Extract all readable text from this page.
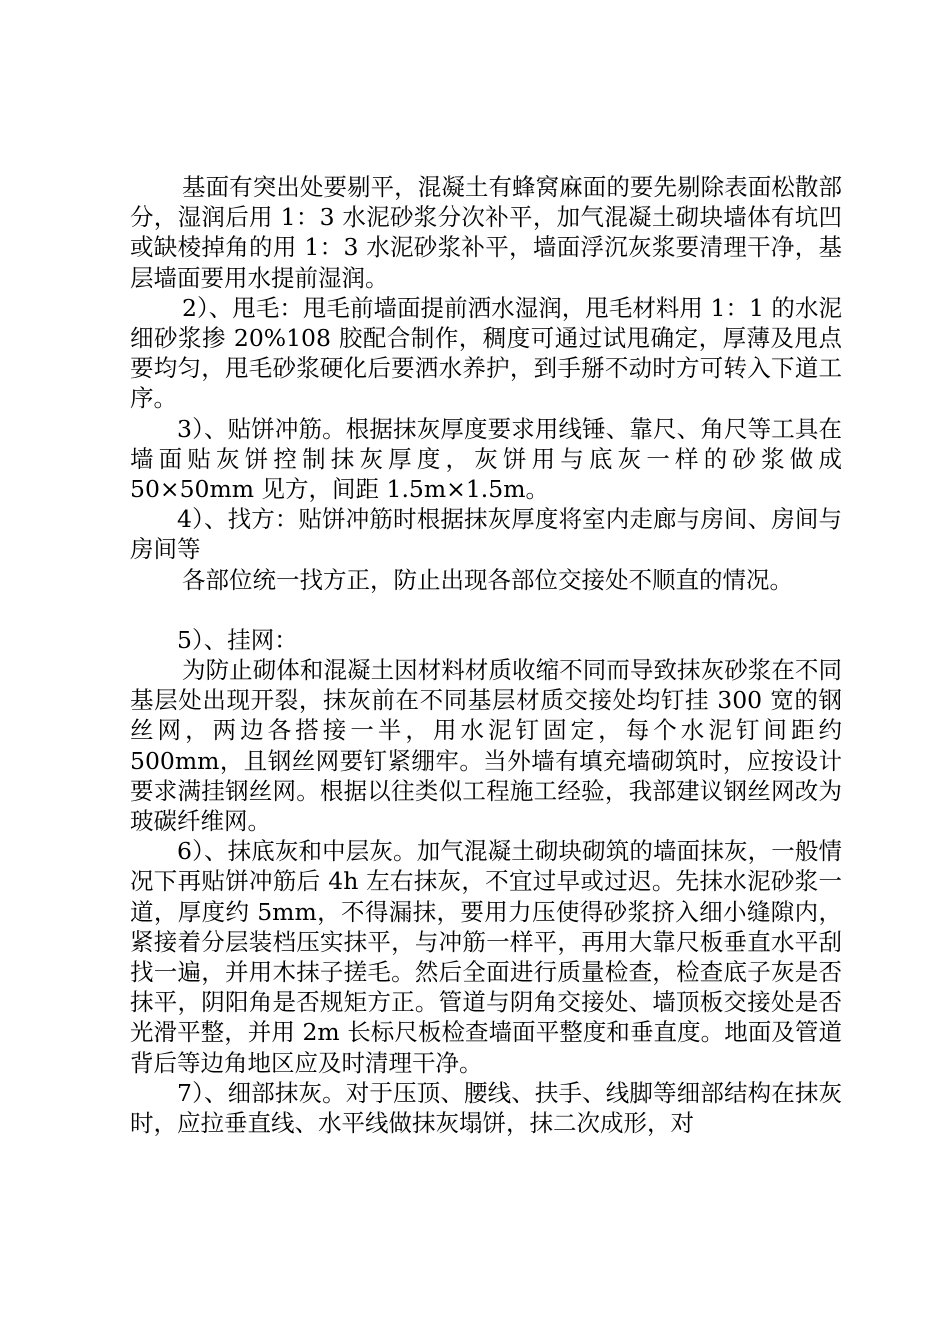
基面有突出处要剔平，混凝土有蜂窝麻面的要先剔除表面松散部分，湿润后用 1：3 水泥砂浆分次补平，加气混凝土砌块墙体有坑凹或缺棱掉角的用 1：3 水泥砂浆补平，墙面浮沉灰浆要清理干净，基层墙面要用水提前湿润。

2）、甩毛：甩毛前墙面提前洒水湿润，甩毛材料用 1：1 的水泥细砂浆掺 20%108 胶配合制作，稠度可通过试甩确定，厚薄及甩点要均匀，甩毛砂浆硬化后要洒水养护，到手掰不动时方可转入下道工序。

3）、贴饼冲筋。根据抹灰厚度要求用线锤、靠尺、角尺等工具在墙面贴灰饼控制抹灰厚度，灰饼用与底灰一样的砂浆做成 50×50mm 见方，间距 1.5m×1.5m。

4）、找方：贴饼冲筋时根据抹灰厚度将室内走廊与房间、房间与房间等

各部位统一找方正，防止出现各部位交接处不顺直的情况。

5）、挂网：

为防止砌体和混凝土因材料材质收缩不同而导致抹灰砂浆在不同基层处出现开裂，抹灰前在不同基层材质交接处均钉挂 300 宽的钢丝网，两边各搭接一半，用水泥钉固定，每个水泥钉间距约 500mm，且钢丝网要钉紧绷牢。当外墙有填充墙砌筑时，应按设计要求满挂钢丝网。根据以往类似工程施工经验，我部建议钢丝网改为玻碳纤维网。

6）、抹底灰和中层灰。加气混凝土砌块砌筑的墙面抹灰，一般情况下再贴饼冲筋后 4h 左右抹灰，不宜过早或过迟。先抹水泥砂浆一道，厚度约 5mm，不得漏抹，要用力压使得砂浆挤入细小缝隙内，紧接着分层装档压实抹平，与冲筋一样平，再用大靠尺板垂直水平刮找一遍，并用木抹子搓毛。然后全面进行质量检查，检查底子灰是否抹平，阴阳角是否规矩方正。管道与阴角交接处、墙顶板交接处是否光滑平整，并用 2m 长标尺板检查墙面平整度和垂直度。地面及管道背后等边角地区应及时清理干净。

7）、细部抹灰。对于压顶、腰线、扶手、线脚等细部结构在抹灰时，应拉垂直线、水平线做抹灰塌饼，抹二次成形，对
